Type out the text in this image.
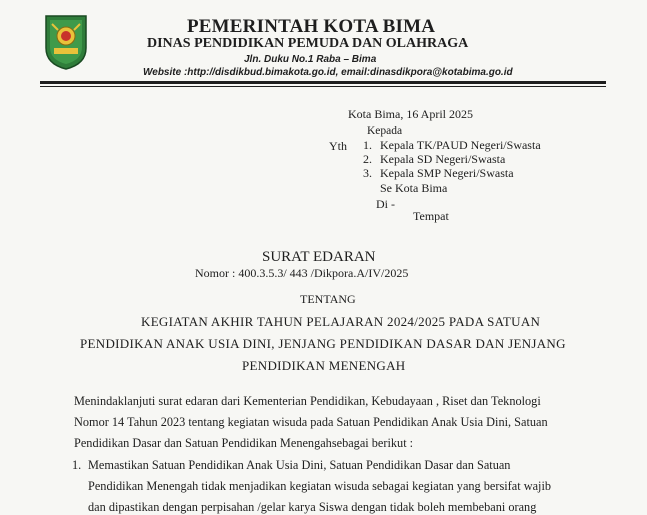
PEMERINTAH KOTA BIMA
DINAS PENDIDIKAN PEMUDA DAN OLAHRAGA
Jln. Duku No.1 Raba – Bima
Website :http://disdikbud.bimakota.go.id, email:dinasdikpora@kotabima.go.id
Kota Bima, 16 April 2025
Kepada
Yth 1. Kepala TK/PAUD Negeri/Swasta
2. Kepala SD Negeri/Swasta
3. Kepala SMP Negeri/Swasta
Se Kota Bima
Di -
Tempat
SURAT EDARAN
Nomor : 400.3.5.3/ 443 /Dikpora.A/IV/2025
TENTANG
KEGIATAN AKHIR TAHUN PELAJARAN 2024/2025 PADA SATUAN
PENDIDIKAN ANAK USIA DINI, JENJANG PENDIDIKAN DASAR DAN JENJANG
PENDIDIKAN MENENGAH
Menindaklanjuti surat edaran dari Kementerian Pendidikan, Kebudayaan , Riset dan Teknologi
Nomor 14 Tahun 2023 tentang kegiatan wisuda pada Satuan Pendidikan Anak Usia Dini, Satuan
Pendidikan Dasar dan Satuan Pendidikan Menengahsebagai berikut :
1. Memastikan Satuan Pendidikan Anak Usia Dini, Satuan Pendidikan Dasar dan Satuan
Pendidikan Menengah tidak menjadikan kegiatan wisuda sebagai kegiatan yang bersifat wajib
dan dipastikan dengan perpisahan /gelar karya Siswa dengan tidak boleh membebani orang
